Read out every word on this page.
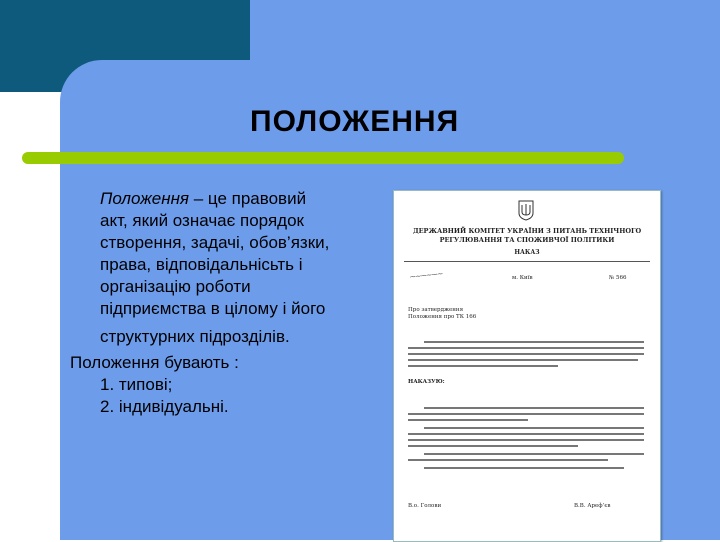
ПОЛОЖЕННЯ
Положення – це правовий
акт, який означає порядок
створення, задачі, обов’язки,
права, відповідальнісьть і
організацію роботи
підприємства в цілому і його
структурних підрозділів.
Положення бувають :
1. типові;
2. індивідуальні.
ДЕРЖАВНИЙ КОМІТЕТ УКРАЇНИ З ПИТАНЬ ТЕХНІЧНОГО
РЕГУЛЮВАННЯ ТА СПОЖИВЧОЇ ПОЛІТИКИ
НАКАЗ
⁓⁓⁓⁓⁓⁓	м. Київ	№ 566
Про затвердження
Положення про ТК 166
НАКАЗУЮ:
В.о. Голови	В.В. Арефʼєв
